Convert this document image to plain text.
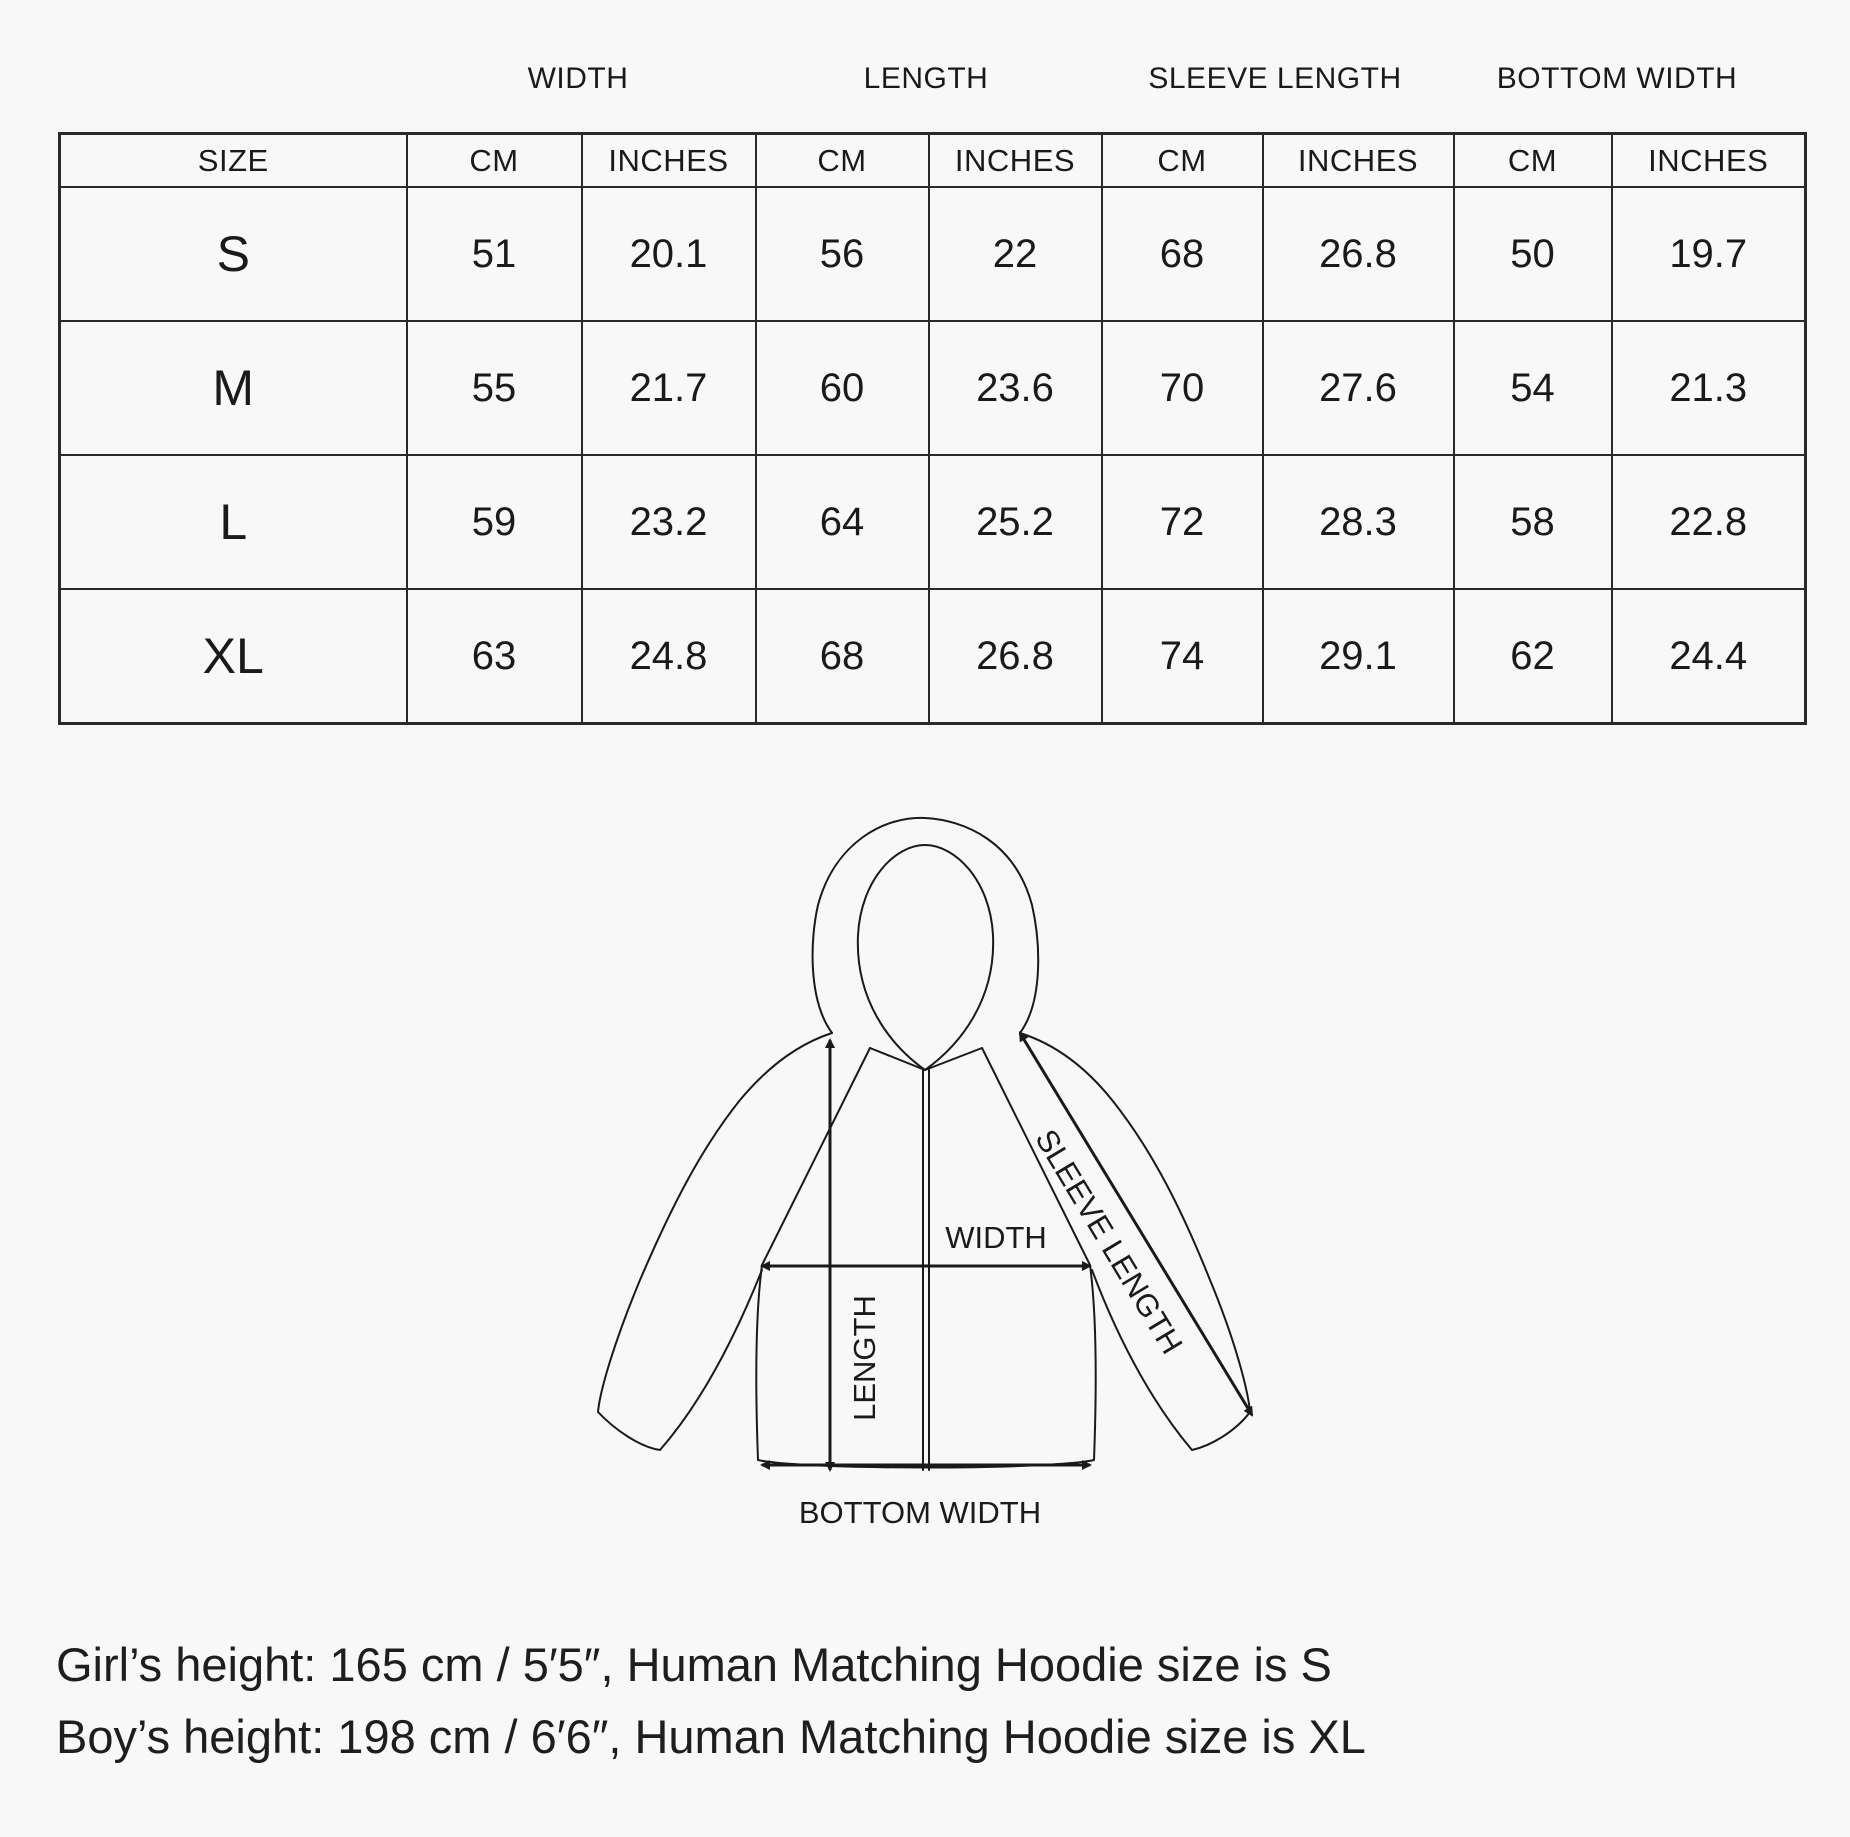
WIDTH	LENGTH	SLEEVE LENGTH	BOTTOM WIDTH
SIZE	CM	INCHES	CM	INCHES	CM	INCHES	CM	INCHES
S	51	20.1	56	22	68	26.8	50	19.7
M	55	21.7	60	23.6	70	27.6	54	21.3
L	59	23.2	64	25.2	72	28.3	58	22.8
XL	63	24.8	68	26.8	74	29.1	62	24.4
WIDTH
LENGTH	SLEEVE LENGTH
BOTTOM WIDTH
Girl’s height: 165 cm / 5′5″, Human Matching Hoodie size is S
Boy’s height: 198 cm / 6′6″, Human Matching Hoodie size is XL
